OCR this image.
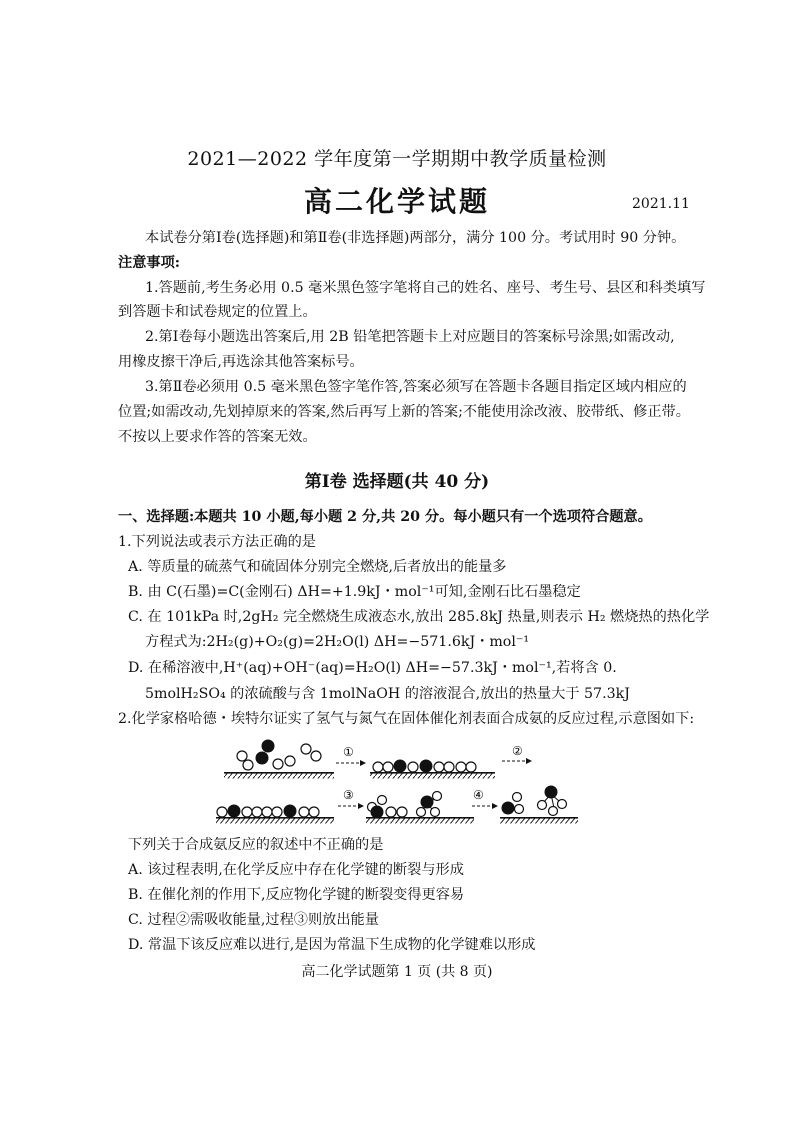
2021—2022 学年度第一学期期中教学质量检测
高二化学试题	2021.11
本试卷分第Ⅰ卷(选择题)和第Ⅱ卷(非选择题)两部分，满分 100 分。考试用时 90 分钟。
注意事项:
1.答题前,考生务必用 0.5 毫米黑色签字笔将自己的姓名、座号、考生号、县区和科类填写
到答题卡和试卷规定的位置上。
2.第Ⅰ卷每小题选出答案后,用 2B 铅笔把答题卡上对应题目的答案标号涂黑;如需改动,
用橡皮擦干净后,再选涂其他答案标号。
3.第Ⅱ卷必须用 0.5 毫米黑色签字笔作答,答案必须写在答题卡各题目指定区域内相应的
位置;如需改动,先划掉原来的答案,然后再写上新的答案;不能使用涂改液、胶带纸、修正带。
不按以上要求作答的答案无效。
第Ⅰ卷 选择题(共 40 分)
一、选择题:本题共 10 小题,每小题 2 分,共 20 分。每小题只有一个选项符合题意。
1.下列说法或表示方法正确的是
A. 等质量的硫蒸气和硫固体分别完全燃烧,后者放出的能量多
B. 由 C(石墨)=C(金刚石) ΔH=+1.9kJ・mol⁻¹可知,金刚石比石墨稳定
C. 在 101kPa 时,2gH₂ 完全燃烧生成液态水,放出 285.8kJ 热量,则表示 H₂ 燃烧热的热化学
方程式为:2H₂(g)+O₂(g)=2H₂O(l) ΔH=−571.6kJ・mol⁻¹
D. 在稀溶液中,H⁺(aq)+OH⁻(aq)=H₂O(l) ΔH=−57.3kJ・mol⁻¹,若将含 0.
5molH₂SO₄ 的浓硫酸与含 1molNaOH 的溶液混合,放出的热量大于 57.3kJ
2.化学家格哈德・埃特尔证实了氢气与氮气在固体催化剂表面合成氨的反应过程,示意图如下:
①	②
③	④
下列关于合成氨反应的叙述中不正确的是
A. 该过程表明,在化学反应中存在化学键的断裂与形成
B. 在催化剂的作用下,反应物化学键的断裂变得更容易
C. 过程②需吸收能量,过程③则放出能量
D. 常温下该反应难以进行,是因为常温下生成物的化学键难以形成
高二化学试题第 1 页 (共 8 页)
